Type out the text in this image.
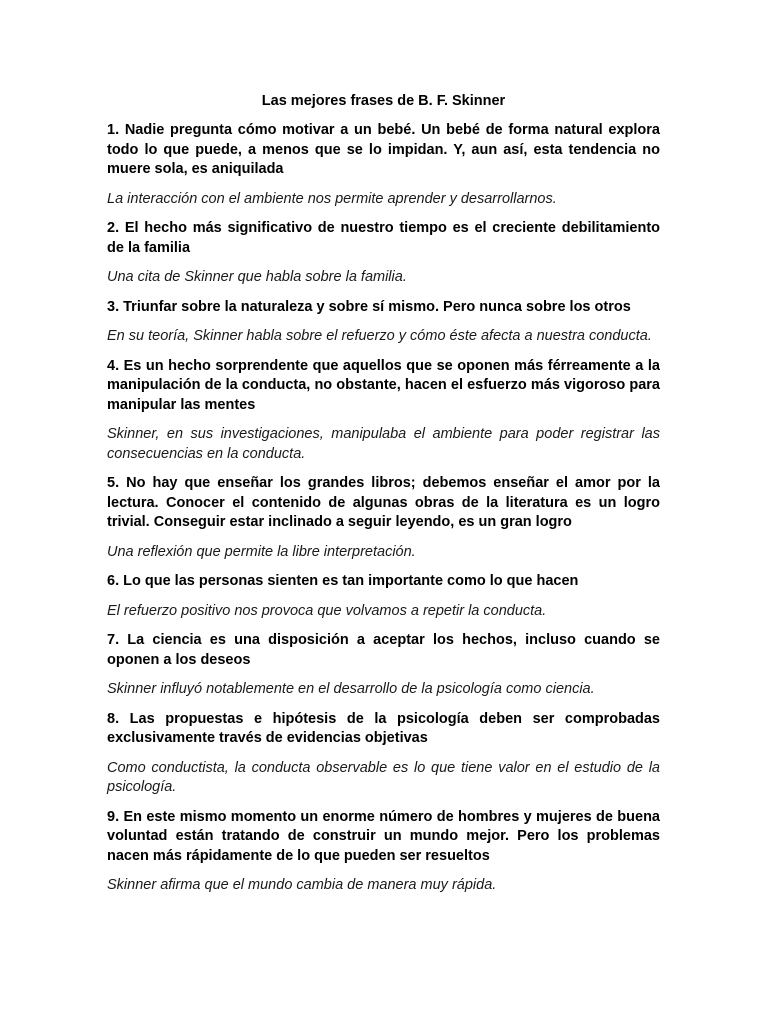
Las mejores frases de B. F. Skinner

1. Nadie pregunta cómo motivar a un bebé. Un bebé de forma natural explora todo lo que puede, a menos que se lo impidan. Y, aun así, esta tendencia no muere sola, es aniquilada

La interacción con el ambiente nos permite aprender y desarrollarnos.

2. El hecho más significativo de nuestro tiempo es el creciente debilitamiento de la familia

Una cita de Skinner que habla sobre la familia.

3. Triunfar sobre la naturaleza y sobre sí mismo. Pero nunca sobre los otros

En su teoría, Skinner habla sobre el refuerzo y cómo éste afecta a nuestra conducta.

4. Es un hecho sorprendente que aquellos que se oponen más férreamente a la manipulación de la conducta, no obstante, hacen el esfuerzo más vigoroso para manipular las mentes

Skinner, en sus investigaciones, manipulaba el ambiente para poder registrar las consecuencias en la conducta.

5. No hay que enseñar los grandes libros; debemos enseñar el amor por la lectura. Conocer el contenido de algunas obras de la literatura es un logro trivial. Conseguir estar inclinado a seguir leyendo, es un gran logro

Una reflexión que permite la libre interpretación.

6. Lo que las personas sienten es tan importante como lo que hacen

El refuerzo positivo nos provoca que volvamos a repetir la conducta.

7. La ciencia es una disposición a aceptar los hechos, incluso cuando se oponen a los deseos

Skinner influyó notablemente en el desarrollo de la psicología como ciencia.

8. Las propuestas e hipótesis de la psicología deben ser comprobadas exclusivamente través de evidencias objetivas

Como conductista, la conducta observable es lo que tiene valor en el estudio de la psicología.

9. En este mismo momento un enorme número de hombres y mujeres de buena voluntad están tratando de construir un mundo mejor. Pero los problemas nacen más rápidamente de lo que pueden ser resueltos

Skinner afirma que el mundo cambia de manera muy rápida.
